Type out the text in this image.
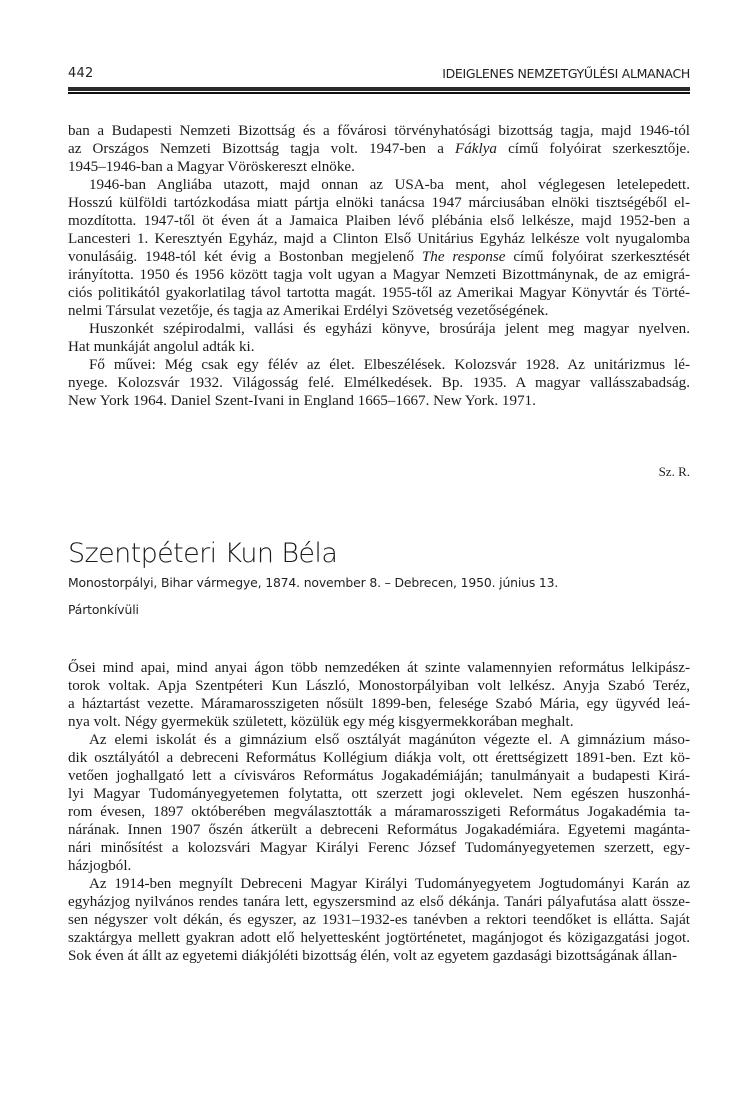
442	IDEIGLENES NEMZETGYŰLÉSI ALMANACH
ban a Budapesti Nemzeti Bizottság és a fővárosi törvényhatósági bizottság tagja, majd 1946-tól
az Országos Nemzeti Bizottság tagja volt. 1947-ben a Fáklya című folyóirat szerkesztője.
1945–1946-ban a Magyar Vöröskereszt elnöke.
1946-ban Angliába utazott, majd onnan az USA-ba ment, ahol véglegesen letelepedett.
Hosszú külföldi tartózkodása miatt pártja elnöki tanácsa 1947 márciusában elnöki tisztségéből el-
mozdította. 1947-től öt éven át a Jamaica Plaiben lévő plébánia első lelkésze, majd 1952-ben a
Lancesteri 1. Keresztyén Egyház, majd a Clinton Első Unitárius Egyház lelkésze volt nyugalomba
vonulásáig. 1948-tól két évig a Bostonban megjelenő The response című folyóirat szerkesztését
irányította. 1950 és 1956 között tagja volt ugyan a Magyar Nemzeti Bizottmánynak, de az emigrá-
ciós politikától gyakorlatilag távol tartotta magát. 1955-től az Amerikai Magyar Könyvtár és Törté-
nelmi Társulat vezetője, és tagja az Amerikai Erdélyi Szövetség vezetőségének.
Huszonkét szépirodalmi, vallási és egyházi könyve, brosúrája jelent meg magyar nyelven.
Hat munkáját angolul adták ki.
Fő művei: Még csak egy félév az élet. Elbeszélések. Kolozsvár 1928. Az unitárizmus lé-
nyege. Kolozsvár 1932. Világosság felé. Elmélkedések. Bp. 1935. A magyar vallásszabadság.
New York 1964. Daniel Szent-Ivani in England 1665–1667. New York. 1971.
Sz. R.
Szentpéteri Kun Béla
Monostorpályi, Bihar vármegye, 1874. november 8. – Debrecen, 1950. június 13.
Pártonkívüli
Ősei mind apai, mind anyai ágon több nemzedéken át szinte valamennyien református lelkipász-
torok voltak. Apja Szentpéteri Kun László, Monostorpályiban volt lelkész. Anyja Szabó Teréz,
a háztartást vezette. Máramarosszigeten nősült 1899-ben, felesége Szabó Mária, egy ügyvéd leá-
nya volt. Négy gyermekük született, közülük egy még kisgyermekkorában meghalt.
Az elemi iskolát és a gimnázium első osztályát magánúton végezte el. A gimnázium máso-
dik osztályától a debreceni Református Kollégium diákja volt, ott érettségizett 1891-ben. Ezt kö-
vetően joghallgató lett a cívisváros Református Jogakadémiáján; tanulmányait a budapesti Kirá-
lyi Magyar Tudományegyetemen folytatta, ott szerzett jogi oklevelet. Nem egészen huszonhá-
rom évesen, 1897 októberében megválasztották a máramarosszigeti Református Jogakadémia ta-
nárának. Innen 1907 őszén átkerült a debreceni Református Jogakadémiára. Egyetemi magánta-
nári minősítést a kolozsvári Magyar Királyi Ferenc József Tudományegyetemen szerzett, egy-
házjogból.
Az 1914-ben megnyílt Debreceni Magyar Királyi Tudományegyetem Jogtudományi Karán az
egyházjog nyilvános rendes tanára lett, egyszersmind az első dékánja. Tanári pályafutása alatt össze-
sen négyszer volt dékán, és egyszer, az 1931–1932-es tanévben a rektori teendőket is ellátta. Saját
szaktárgya mellett gyakran adott elő helyettesként jogtörténetet, magánjogot és közigazgatási jogot.
Sok éven át állt az egyetemi diákjóléti bizottság élén, volt az egyetem gazdasági bizottságának állan-
